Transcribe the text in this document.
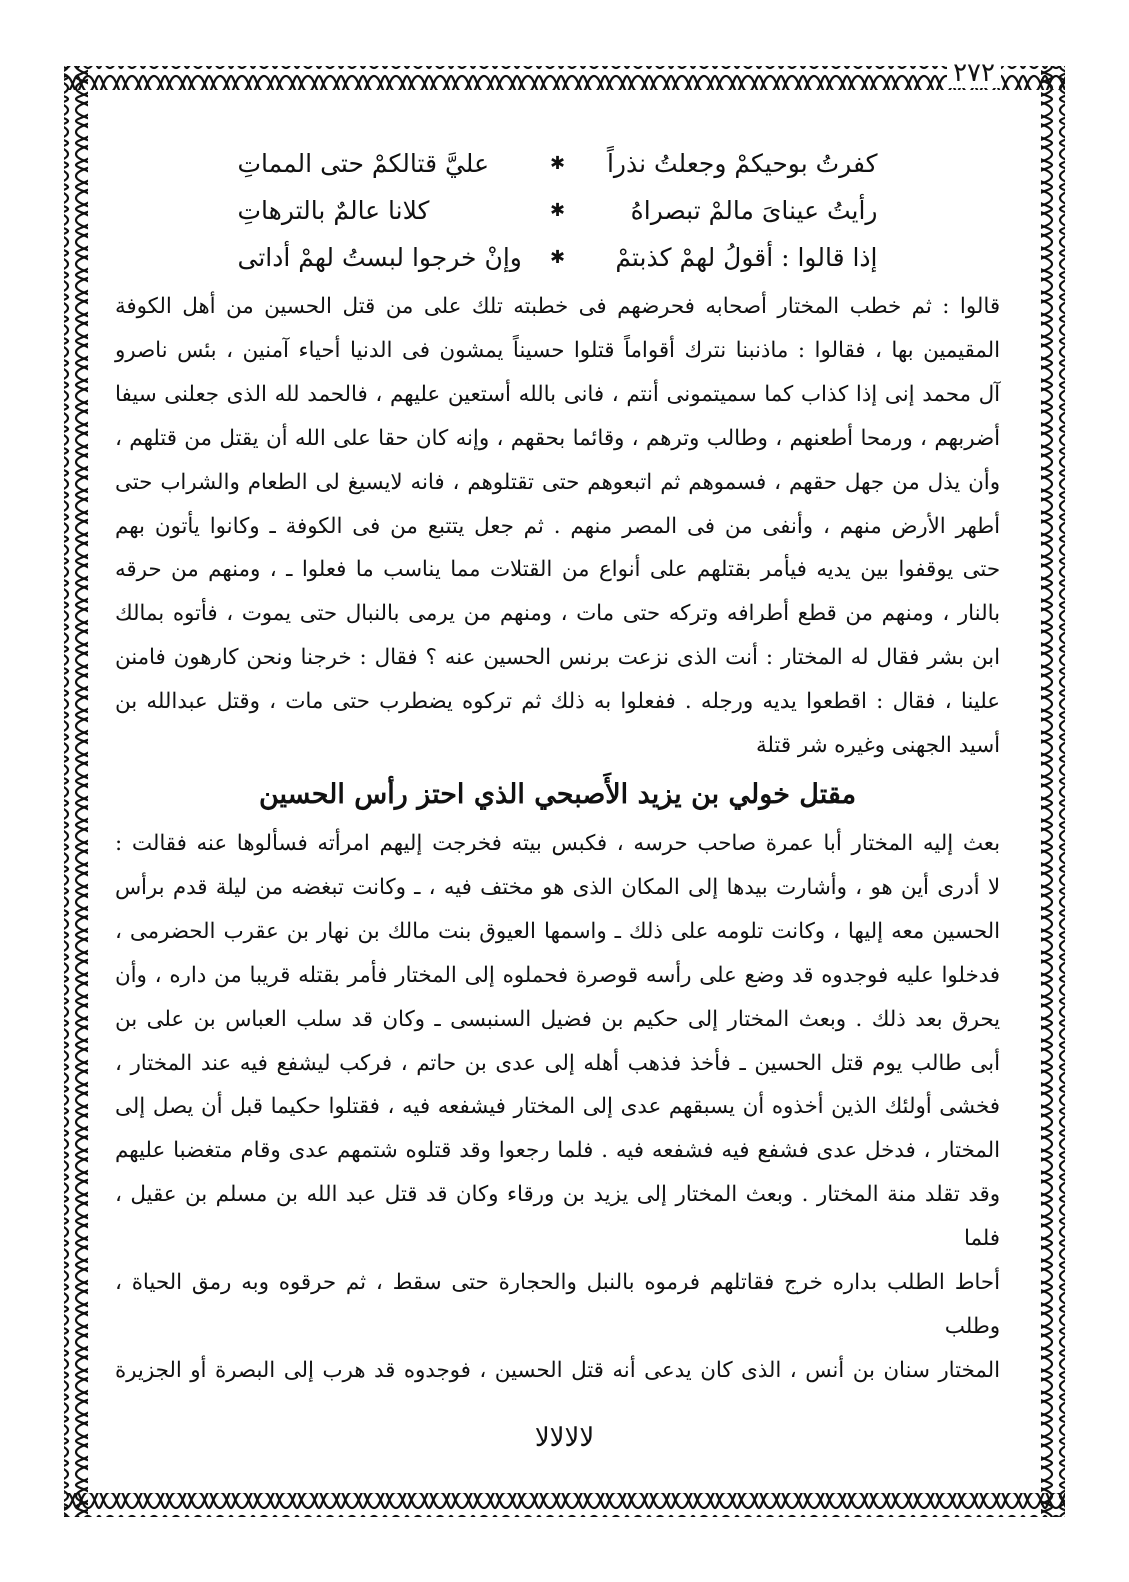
٢٧٢
كفرتُ بوحيكمْ وجعلتُ نذراً
✱
عليَّ قتالكمْ حتى المماتِ
رأيتُ عيناىَ مالمْ تبصراهُ
✱
كلانا عالمٌ بالترهاتِ
إذا قالوا : أقولُ لهمْ كذبتمْ
✱
وإنْ خرجوا لبستُ لهمْ أداتى

قالوا : ثم خطب المختار أصحابه فحرضهم فى خطبته تلك على من قتل الحسين من أهل الكوفة
المقيمين بها ، فقالوا : ماذنبنا نترك أقواماً قتلوا حسيناً يمشون فى الدنيا أحياء آمنين ، بئس ناصرو
آل محمد إنى إذا كذاب كما سميتمونى أنتم ، فانى بالله أستعين عليهم ، فالحمد لله الذى جعلنى سيفا
أضربهم ، ورمحا أطعنهم ، وطالب وترهم ، وقائما بحقهم ، وإنه كان حقا على الله أن يقتل من قتلهم ،
وأن يذل من جهل حقهم ، فسموهم ثم اتبعوهم حتى تقتلوهم ، فانه لايسيغ لى الطعام والشراب حتى
أطهر الأرض منهم ، وأنفى من فى المصر منهم . ثم جعل يتتبع من فى الكوفة ـ وكانوا يأتون بهم
حتى يوقفوا بين يديه فيأمر بقتلهم على أنواع من القتلات مما يناسب ما فعلوا ـ ، ومنهم من حرقه
بالنار ، ومنهم من قطع أطرافه وتركه حتى مات ، ومنهم من يرمى بالنبال حتى يموت ، فأتوه بمالك
ابن بشر فقال له المختار : أنت الذى نزعت برنس الحسين عنه ؟ فقال : خرجنا ونحن كارهون فامنن
علينا ، فقال : اقطعوا يديه ورجله . ففعلوا به ذلك ثم تركوه يضطرب حتى مات ، وقتل عبدالله بن
أسيد الجهنى وغيره شر قتلة

مقتل خولي بن يزيد الأَصبحي الذي احتز رأس الحسين

بعث إليه المختار أبا عمرة صاحب حرسه ، فكبس بيته فخرجت إليهم امرأته فسألوها عنه فقالت :
لا أدرى أين هو ، وأشارت بيدها إلى المكان الذى هو مختف فيه ، ـ وكانت تبغضه من ليلة قدم برأس
الحسين معه إليها ، وكانت تلومه على ذلك ـ واسمها العيوق بنت مالك بن نهار بن عقرب الحضرمى ،
فدخلوا عليه فوجدوه قد وضع على رأسه قوصرة فحملوه إلى المختار فأمر بقتله قريبا من داره ، وأن
يحرق بعد ذلك . وبعث المختار إلى حكيم بن فضيل السنبسى ـ وكان قد سلب العباس بن على بن
أبى طالب يوم قتل الحسين ـ فأخذ فذهب أهله إلى عدى بن حاتم ، فركب ليشفع فيه عند المختار ،
فخشى أولئك الذين أخذوه أن يسبقهم عدى إلى المختار فيشفعه فيه ، فقتلوا حكيما قبل أن يصل إلى
المختار ، فدخل عدى فشفع فيه فشفعه فيه . فلما رجعوا وقد قتلوه شتمهم عدى وقام متغضبا عليهم
وقد تقلد منة المختار . وبعث المختار إلى يزيد بن ورقاء وكان قد قتل عبد الله بن مسلم بن عقيل ، فلما
أحاط الطلب بداره خرج فقاتلهم فرموه بالنبل والحجارة حتى سقط ، ثم حرقوه وبه رمق الحياة ، وطلب
المختار سنان بن أنس ، الذى كان يدعى أنه قتل الحسين ، فوجدوه قد هرب إلى البصرة أو الجزيرة

ﻻﻻﻻﻻ
